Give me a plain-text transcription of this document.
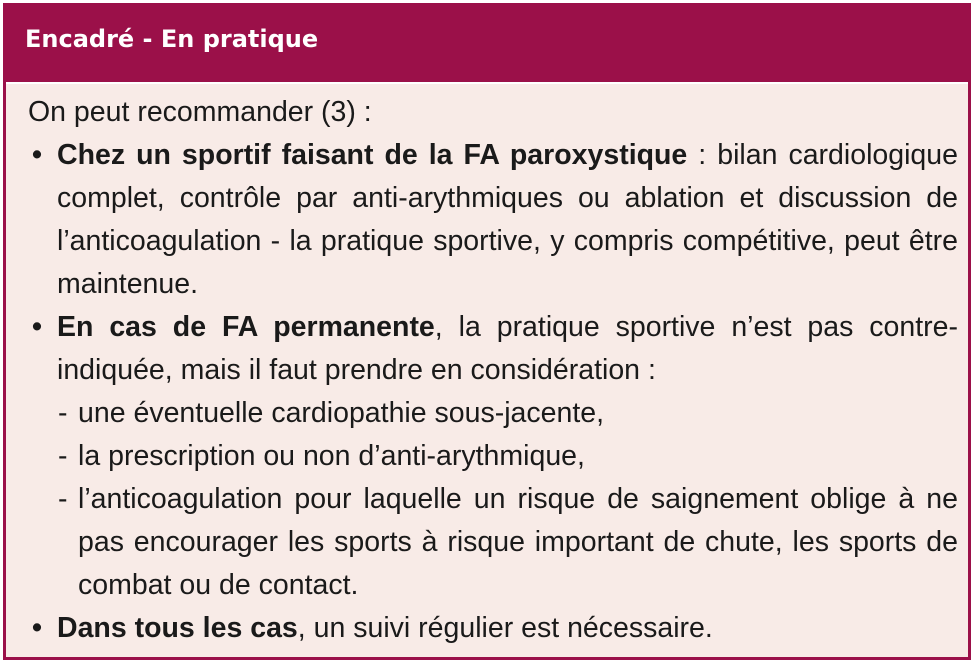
Encadré - En pratique

On peut recommander (3) :

• Chez un sportif faisant de la FA paroxystique : bilan cardiologique complet, contrôle par anti-arythmiques ou ablation et discussion de l’anticoagulation - la pratique sportive, y compris compétitive, peut être maintenue.
• En cas de FA permanente, la pratique sportive n’est pas contre-indiquée, mais il faut prendre en considération :
- une éventuelle cardiopathie sous-jacente,
- la prescription ou non d’anti-arythmique,
- l’anticoagulation pour laquelle un risque de saignement oblige à ne pas encourager les sports à risque important de chute, les sports de combat ou de contact.
• Dans tous les cas, un suivi régulier est nécessaire.
